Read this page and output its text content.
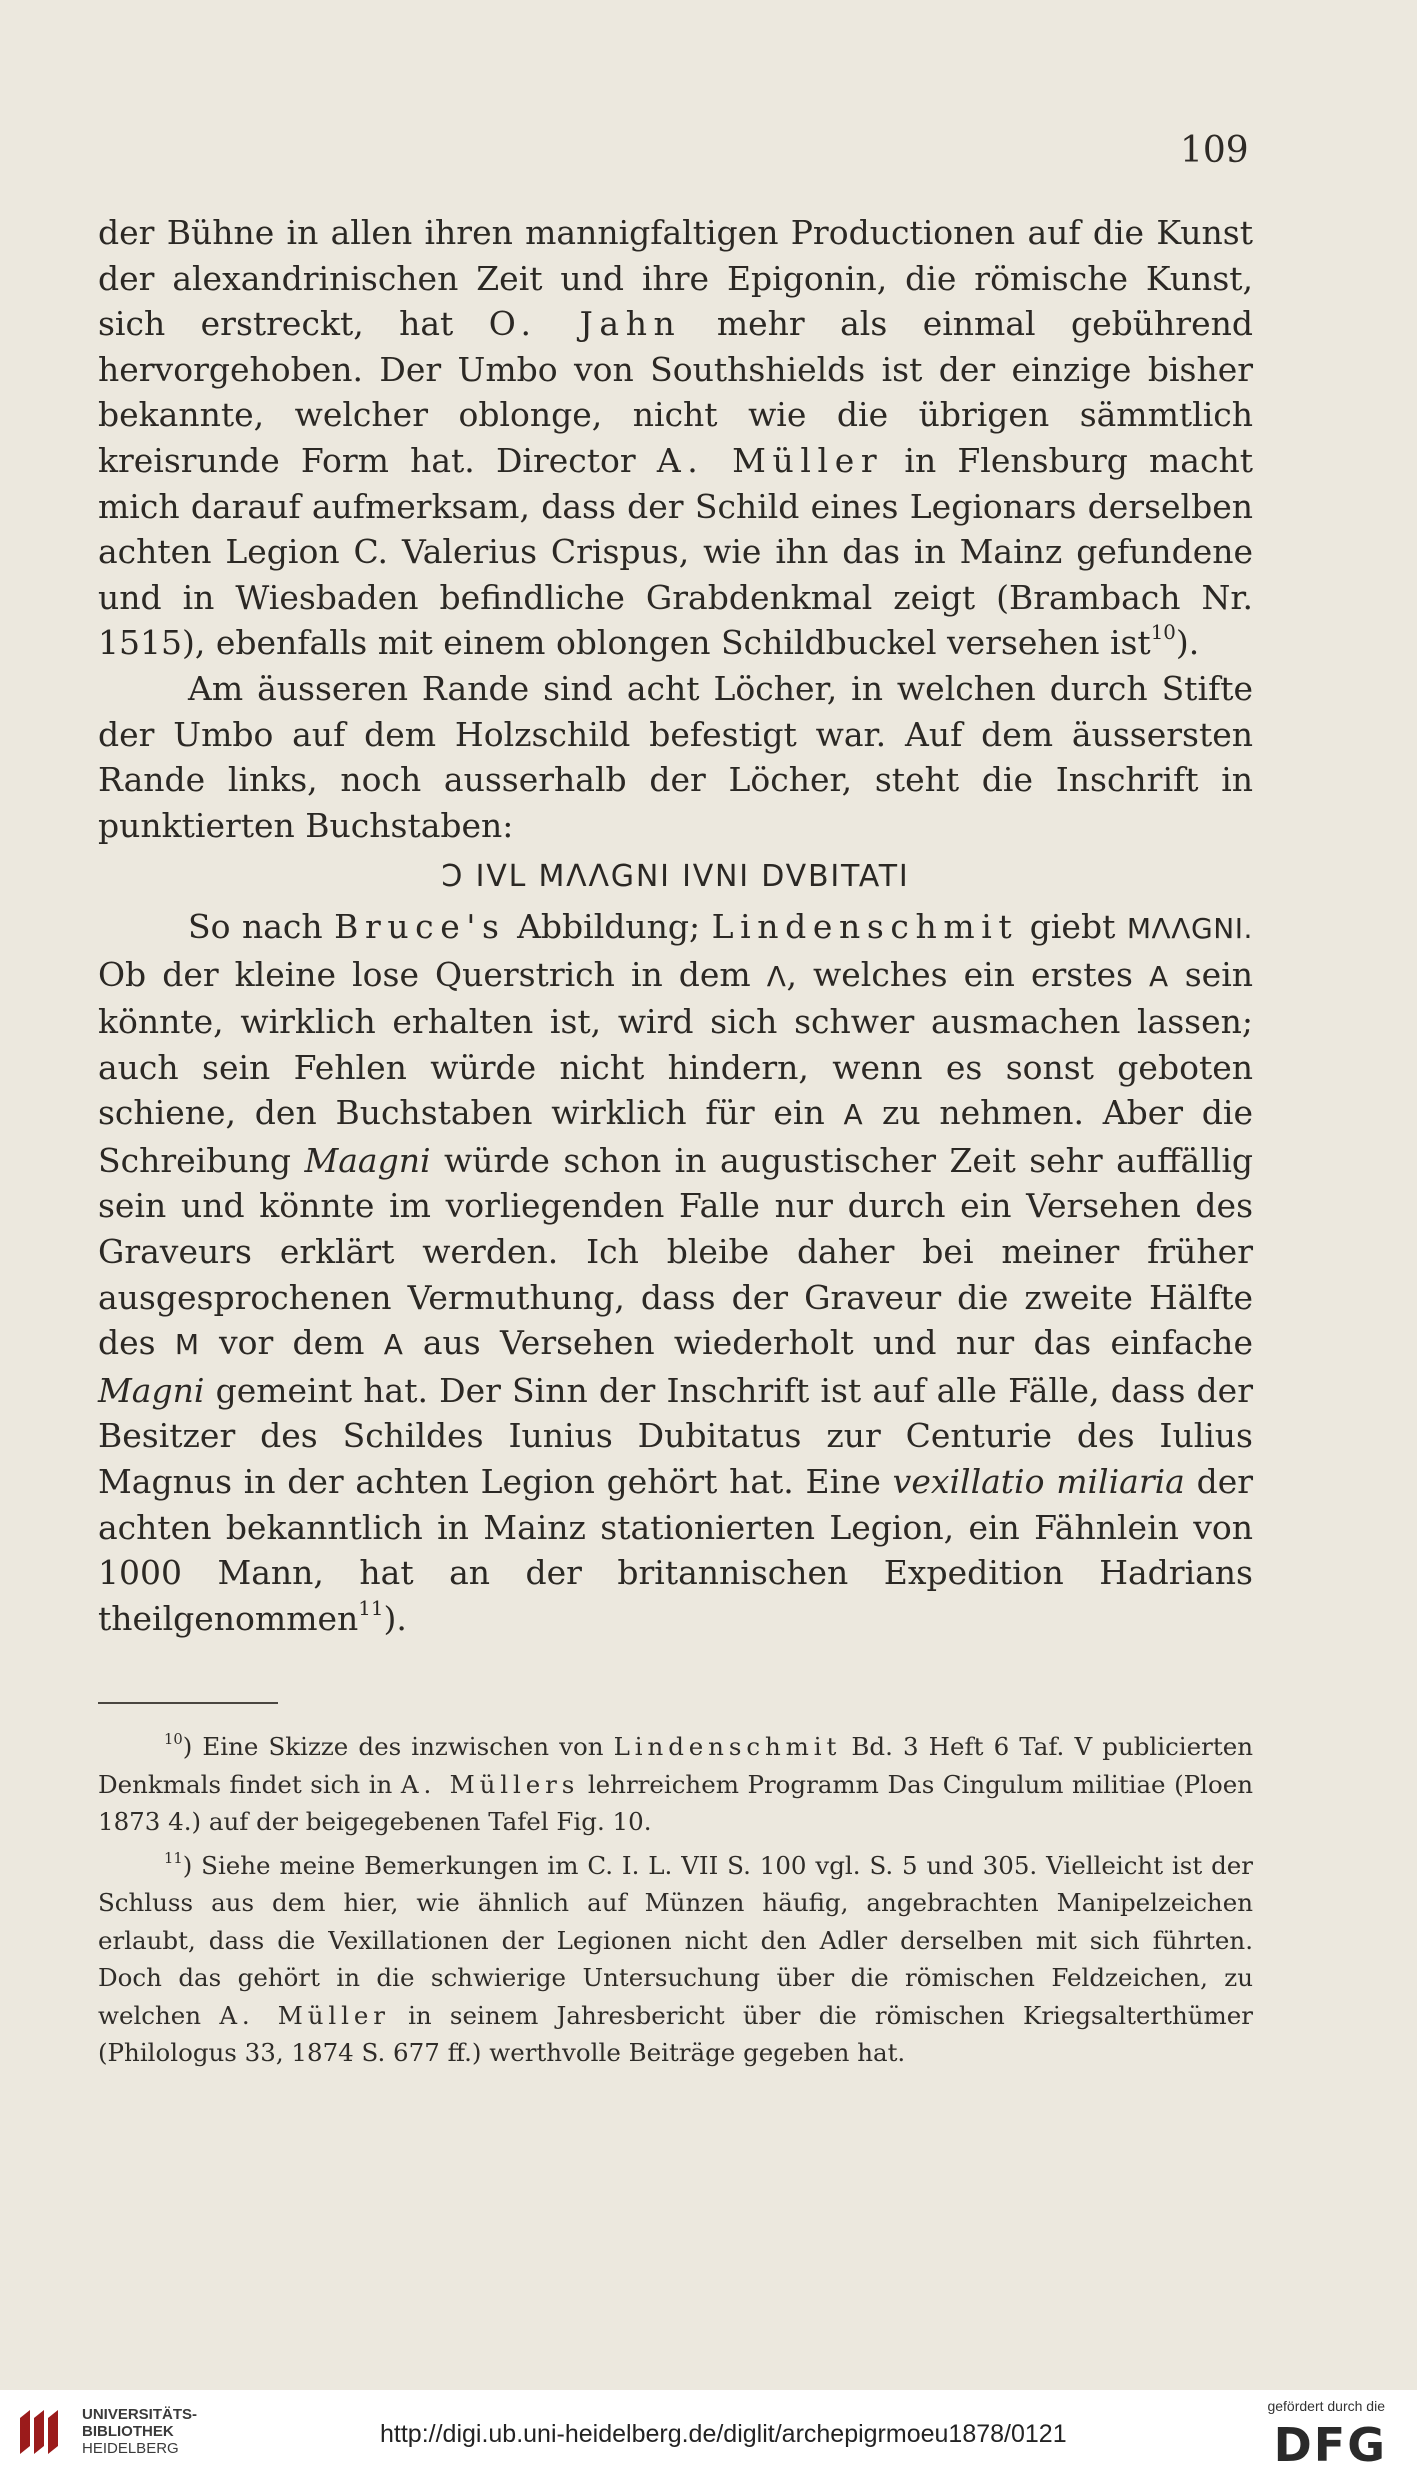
109

der Bühne in allen ihren mannigfaltigen Productionen auf die Kunst der alexandrinischen Zeit und ihre Epigonin, die römische Kunst, sich erstreckt, hat O. Jahn mehr als einmal gebührend hervorgehoben. Der Umbo von Southshields ist der einzige bisher bekannte, welcher oblonge, nicht wie die übrigen sämmtlich kreisrunde Form hat. Director A. Müller in Flensburg macht mich darauf aufmerksam, dass der Schild eines Legionars derselben achten Legion C. Valerius Crispus, wie ihn das in Mainz gefundene und in Wiesbaden befindliche Grabdenkmal zeigt (Brambach Nr. 1515), ebenfalls mit einem oblongen Schildbuckel versehen ist$^{10}$).

Am äusseren Rande sind acht Löcher, in welchen durch Stifte der Umbo auf dem Holzschild befestigt war. Auf dem äussersten Rande links, noch ausserhalb der Löcher, steht die Inschrift in punktierten Buchstaben:

Ɔ IVL MΛΛGNI IVNI DVBITATI

So nach Bruce's Abbildung; Lindenschmit giebt MΛΛGNI. Ob der kleine lose Querstrich in dem Λ, welches ein erstes A sein könnte, wirklich erhalten ist, wird sich schwer ausmachen lassen; auch sein Fehlen würde nicht hindern, wenn es sonst geboten schiene, den Buchstaben wirklich für ein A zu nehmen. Aber die Schreibung Maagni würde schon in augustischer Zeit sehr auffällig sein und könnte im vorliegenden Falle nur durch ein Versehen des Graveurs erklärt werden. Ich bleibe daher bei meiner früher ausgesprochenen Vermuthung, dass der Graveur die zweite Hälfte des M vor dem A aus Versehen wiederholt und nur das einfache Magni gemeint hat. Der Sinn der Inschrift ist auf alle Fälle, dass der Besitzer des Schildes Iunius Dubitatus zur Centurie des Iulius Magnus in der achten Legion gehört hat. Eine vexillatio miliaria der achten bekanntlich in Mainz stationierten Legion, ein Fähnlein von 1000 Mann, hat an der britannischen Expedition Hadrians theilgenommen$^{11}$).

$^{10}$) Eine Skizze des inzwischen von Lindenschmit Bd. 3 Heft 6 Taf. V publicierten Denkmals findet sich in A. Müllers lehrreichem Programm Das Cingulum militiae (Ploen 1873 4.) auf der beigegebenen Tafel Fig. 10.

$^{11}$) Siehe meine Bemerkungen im C. I. L. VII S. 100 vgl. S. 5 und 305. Vielleicht ist der Schluss aus dem hier, wie ähnlich auf Münzen häufig, angebrachten Manipelzeichen erlaubt, dass die Vexillationen der Legionen nicht den Adler derselben mit sich führten. Doch das gehört in die schwierige Untersuchung über die römischen Feldzeichen, zu welchen A. Müller in seinem Jahresbericht über die römischen Kriegsalterthümer (Philologus 33, 1874 S. 677 ff.) werthvolle Beiträge gegeben hat.

UNIVERSITÄTS-
BIBLIOTHEK
HEIDELBERG
http://digi.ub.uni-heidelberg.de/diglit/archepigrmoeu1878/0121
gefördert durch die
DFG
